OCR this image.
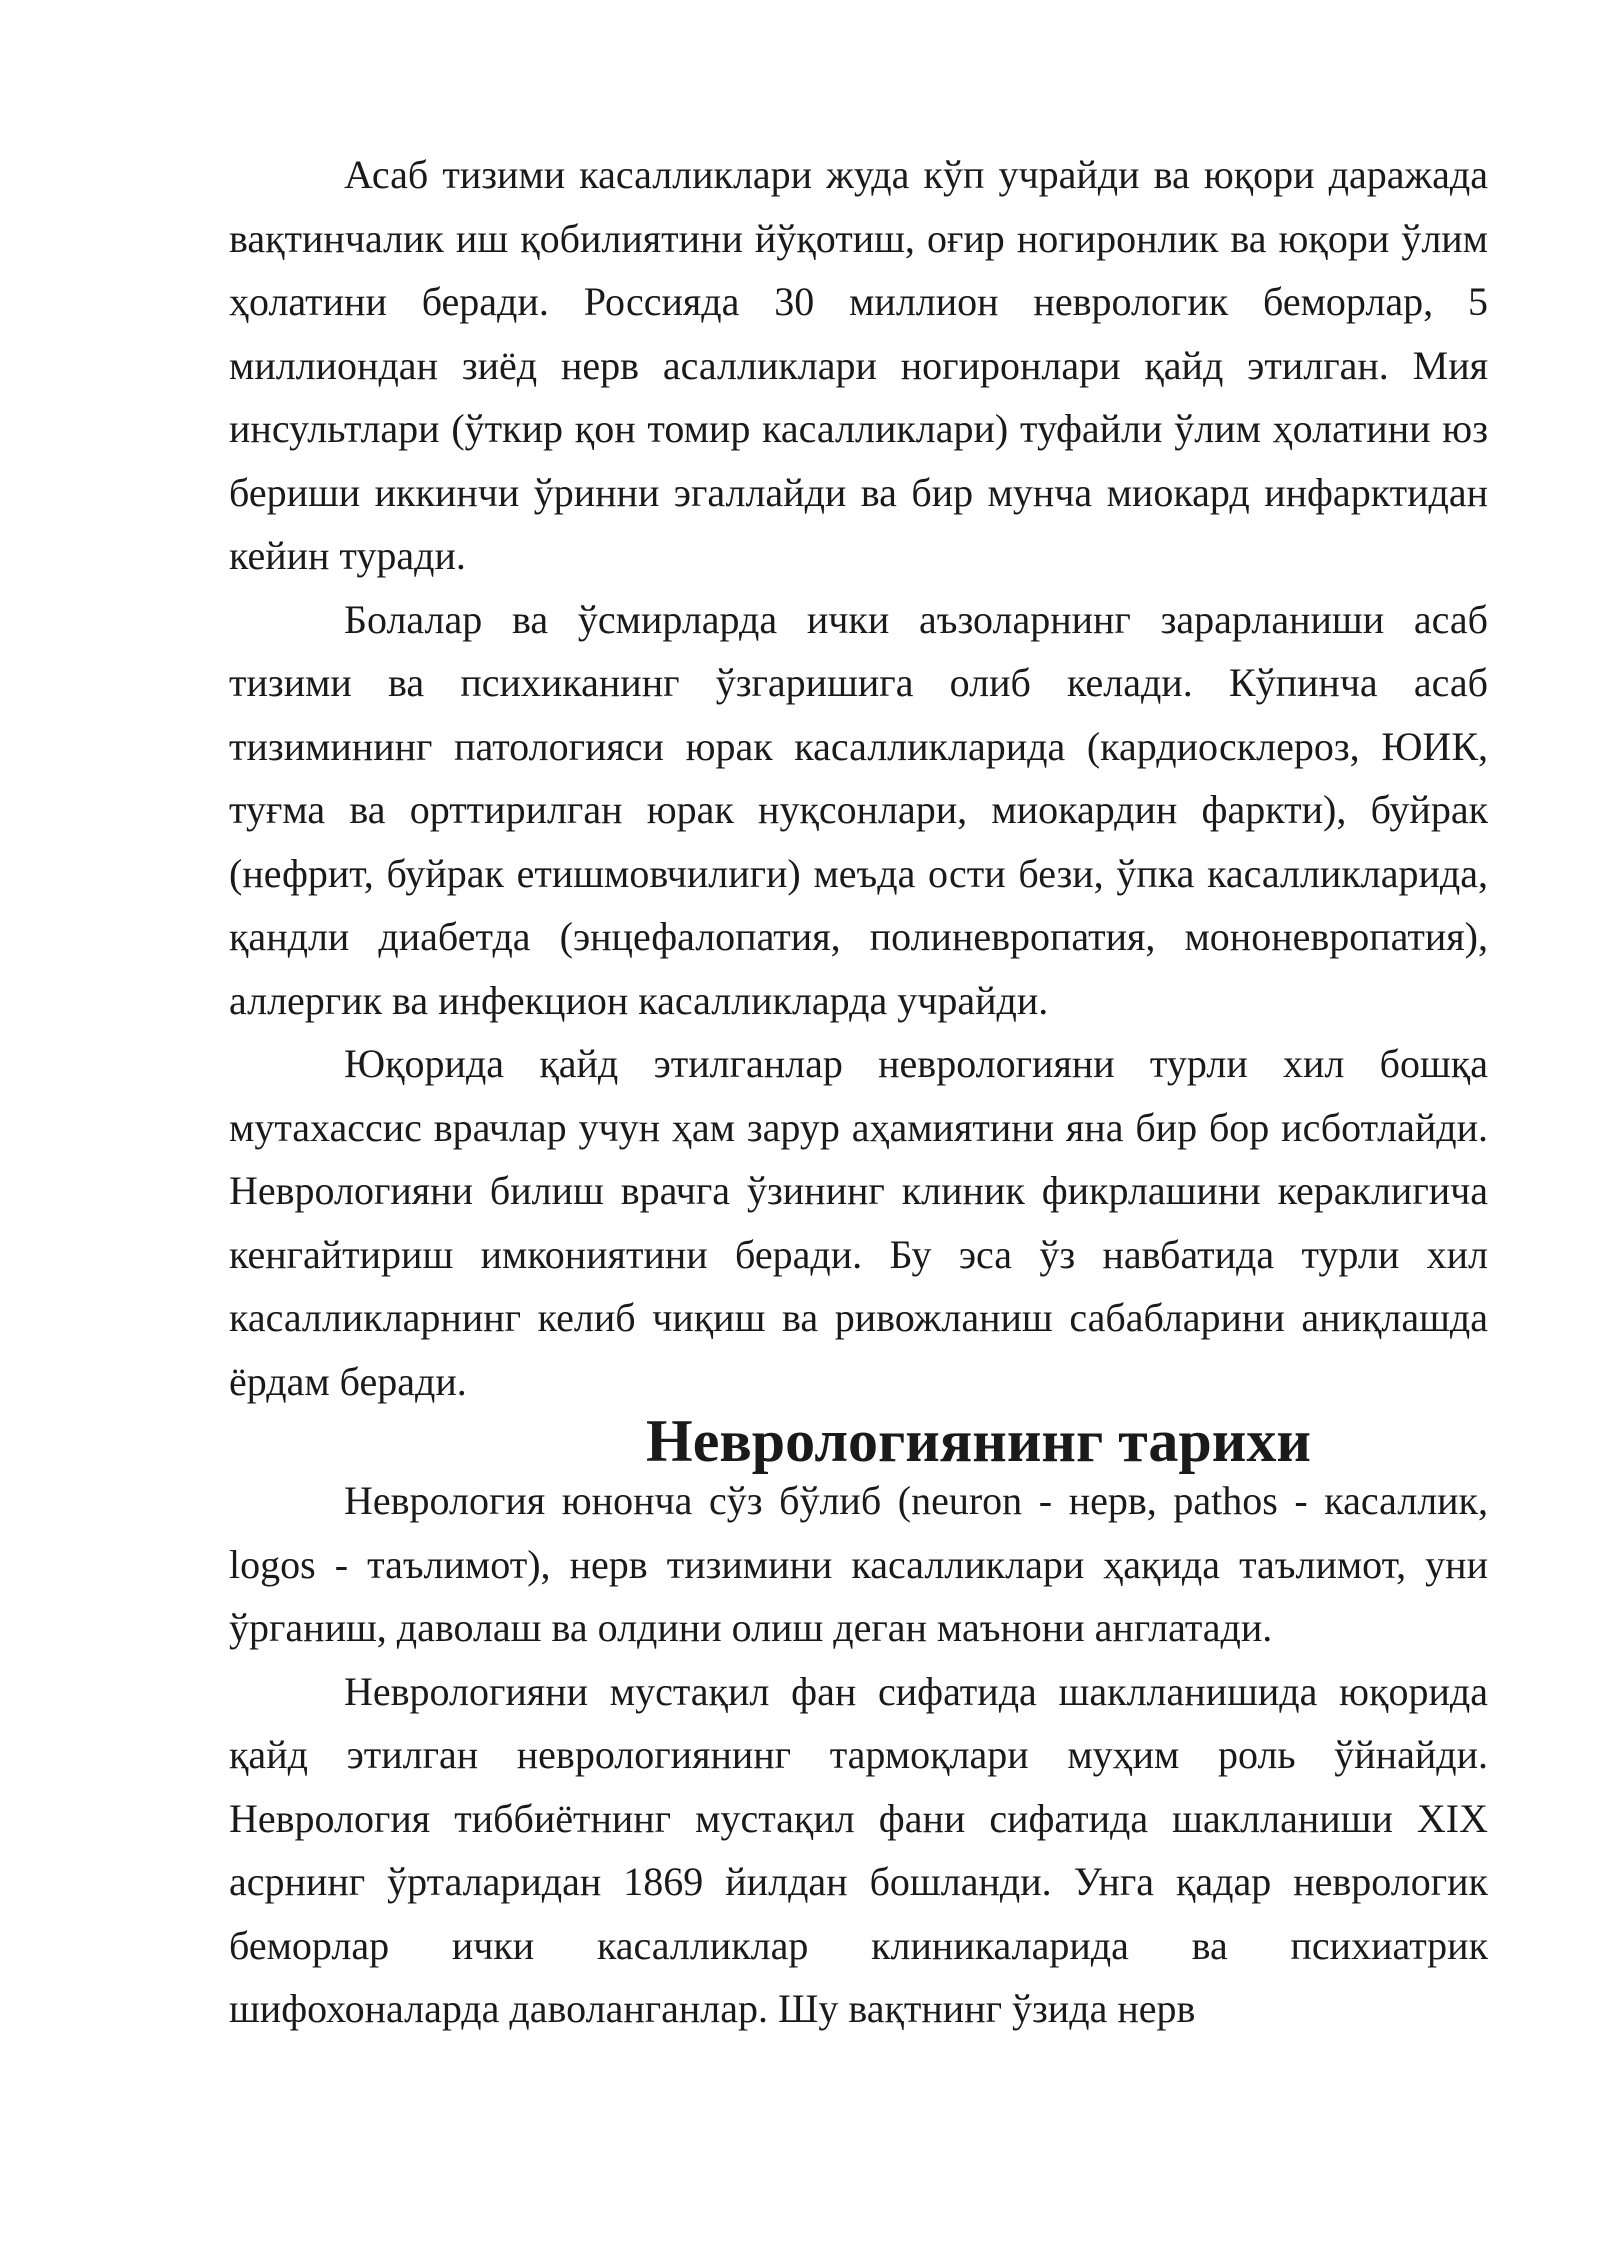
Асаб тизими касалликлари жуда кўп учрайди ва юқори даражада вақтинчалик иш қобилиятини йўқотиш, оғир ногиронлик ва юқори ўлим ҳолатини беради. Россияда 30 миллион неврологик беморлар, 5 миллиондан зиёд нерв асалликлари ногиронлари қайд этилган. Мия инсультлари (ўткир қон томир касалликлари) туфайли ўлим ҳолатини юз бериши иккинчи ўринни эгаллайди ва бир мунча миокард инфарктидан кейин туради.

Болалар ва ўсмирларда ички аъзоларнинг зарарланиши асаб тизими ва психиканинг ўзгаришига олиб келади. Кўпинча асаб тизимининг патологияси юрак касалликларида (кардиосклероз, ЮИК, туғма ва орттирилган юрак нуқсонлари, миокардин фаркти), буйрак (нефрит, буйрак етишмовчилиги) меъда ости бези, ўпка касалликларида, қандли диабетда (энцефалопатия, полиневропатия, мононевропатия), аллергик ва инфекцион касалликларда учрайди.

Юқорида қайд этилганлар неврологияни турли хил бошқа мутахассис врачлар учун ҳам зарур аҳамиятини яна бир бор исботлайди. Неврологияни билиш врачга ўзининг клиник фикрлашини кераклигича кенгайтириш имкониятини беради. Бу эса ўз навбатида турли хил касалликларнинг келиб чиқиш ва ривожланиш сабабларини аниқлашда ёрдам беради.

Неврологиянинг тарихи

Неврология юнонча сўз бўлиб (neuron - нерв, pathos - касаллик, logos - таълимот), нерв тизимини касалликлари ҳақида таълимот, уни ўрганиш, даволаш ва олдини олиш деган маънони англатади.

Неврологияни мустақил фан сифатида шаклланишида юқорида қайд этилган неврологиянинг тармоқлари муҳим роль ўйнайди. Неврология тиббиётнинг мустақил фани сифатида шаклланиши XIX асрнинг ўрталаридан 1869 йилдан бошланди. Унга қадар неврологик беморлар ички касалликлар клиникаларида ва психиатрик шифохоналарда даволанганлар. Шу вақтнинг ўзида нерв
